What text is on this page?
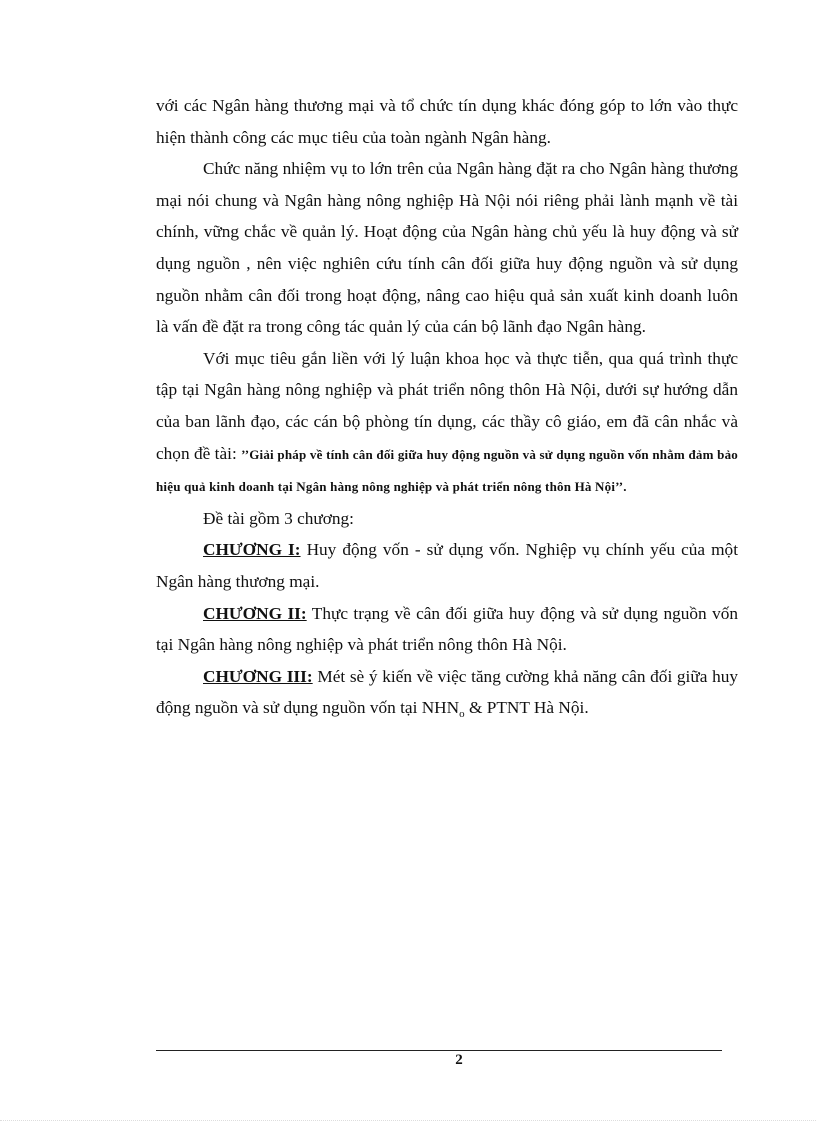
với các Ngân hàng thương mại và tổ chức tín dụng khác đóng góp to lớn vào thực hiện thành công các mục tiêu của toàn ngành Ngân hàng.

Chức năng nhiệm vụ to lớn trên của Ngân hàng đặt ra cho Ngân hàng thương mại nói chung và Ngân hàng nông nghiệp Hà Nội nói riêng phải lành mạnh về tài chính, vững chắc về quản lý. Hoạt động của Ngân hàng chủ yếu là huy động và sử dụng nguồn , nên việc nghiên cứu tính cân đối giữa huy động nguồn và sử dụng nguồn nhằm cân đối trong hoạt động, nâng cao hiệu quả sản xuất kinh doanh luôn là vấn đề đặt ra trong công tác quản lý của cán bộ lãnh đạo Ngân hàng.

Với mục tiêu gắn liền với lý luận khoa học và thực tiễn, qua quá trình thực tập tại Ngân hàng nông nghiệp và phát triển nông thôn Hà Nội, dưới sự hướng dẫn của ban lãnh đạo, các cán bộ phòng tín dụng, các thầy cô giáo, em đã cân nhắc và chọn đề tài: ’’Giải pháp về tính cân đối giữa huy động nguồn và sử dụng nguồn vốn nhằm đảm bảo hiệu quả kinh doanh tại Ngân hàng nông nghiệp và phát triển nông thôn Hà Nội’’.

Đề tài gồm 3 chương:

CHƯƠNG I: Huy động vốn - sử dụng vốn. Nghiệp vụ chính yếu của một Ngân hàng thương mại.

CHƯƠNG II: Thực trạng về cân đối giữa huy động và sử dụng nguồn vốn tại Ngân hàng nông nghiệp và phát triển nông thôn Hà Nội.

CHƯƠNG III: Mét sè ý kiến về việc tăng cường khả năng cân đối giữa huy động nguồn và sử dụng nguồn vốn tại $NHN_o$ & PTNT Hà Nội.

2
